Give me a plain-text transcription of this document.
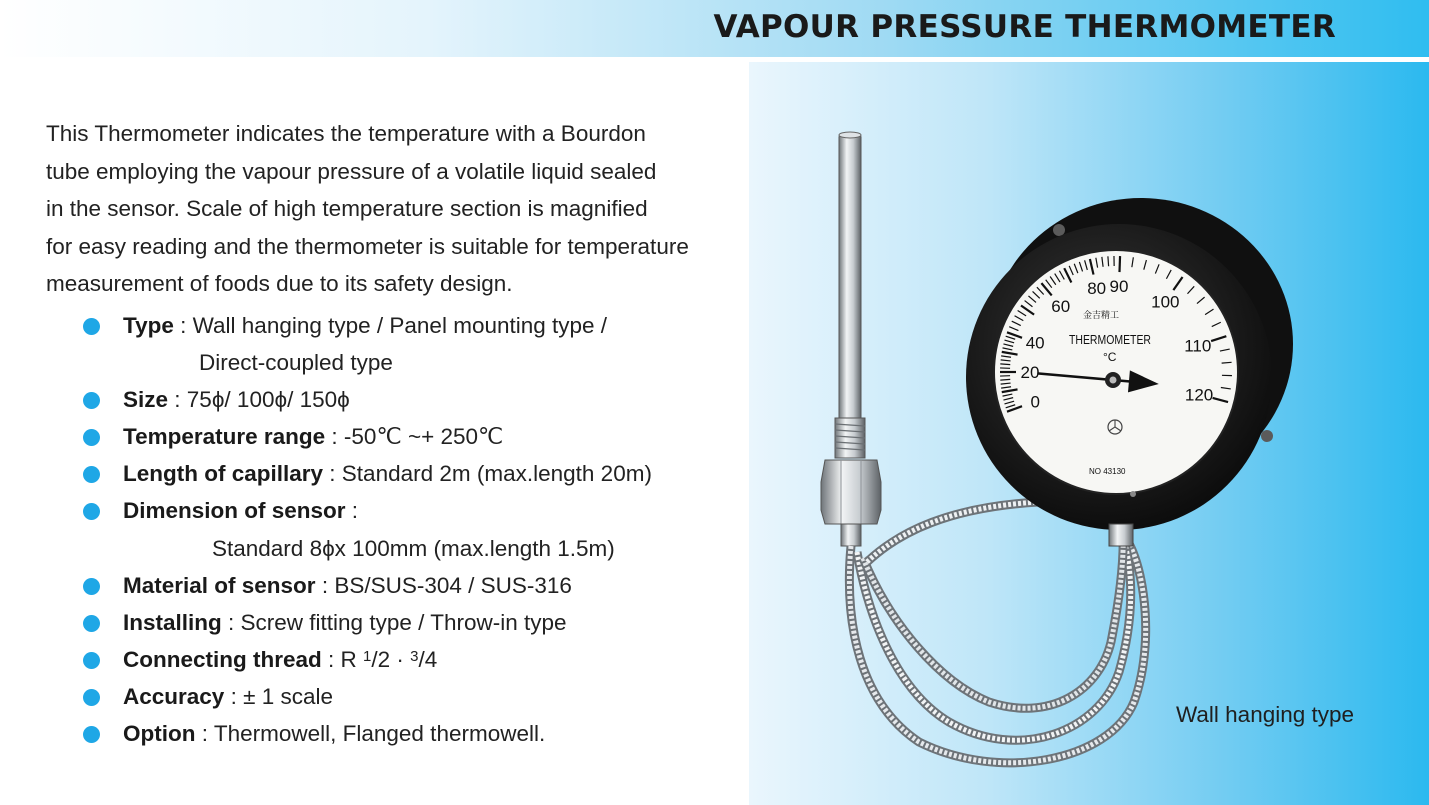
VAPOUR PRESSURE THERMOMETER

This Thermometer indicates the temperature with a Bourdon
tube employing the vapour pressure of a volatile liquid sealed
in the sensor. Scale of high temperature section is magnified
for easy reading and the thermometer is suitable for temperature
measurement of foods due to its safety design.

Type : Wall hanging type / Panel mounting type /
Direct-coupled type
Size : 75ϕ/ 100ϕ/ 150ϕ
Temperature range : -50℃ ~+ 250℃
Length of capillary : Standard 2m (max.length 20m)
Dimension of sensor :
Standard 8ϕx 100mm (max.length 1.5m)
Material of sensor : BS/SUS-304 / SUS-316
Installing : Screw fitting type / Throw-in type
Connecting thread : R $^1$/2 · $^3$/4
Accuracy : ± 1 scale
Option : Thermowell, Flanged thermowell.
金吉精工
THERMOMETER
°C
NO 43130
0
20
40
60
80 90
100
110
120
Wall hanging type
